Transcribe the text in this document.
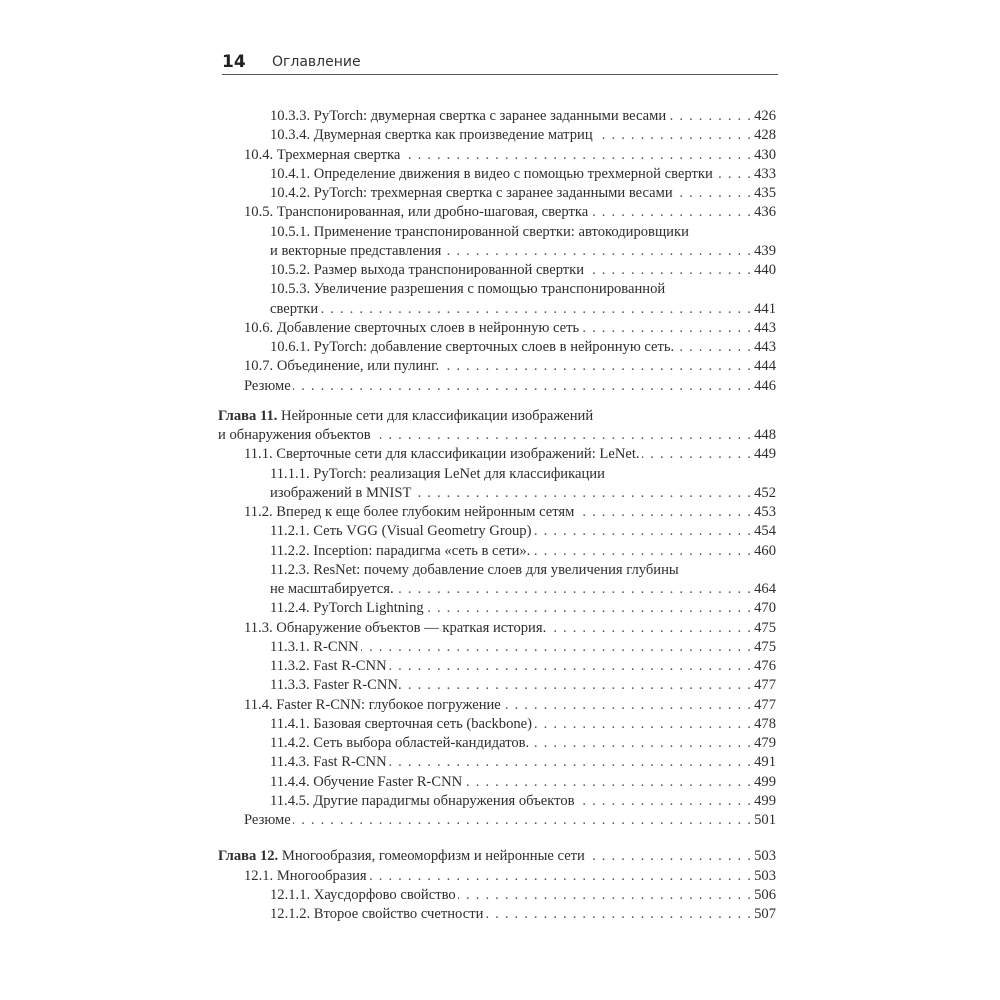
14 Оглавление
10.3.3. PyTorch: двумерная свертка с заранее заданными весами . . .	426
10.3.4. Двумерная свертка как произведение матриц . . .	428
10.4. Трехмерная свертка . . .	430
10.4.1. Определение движения в видео с помощью трехмерной свертки . . .	433
10.4.2. PyTorch: трехмерная свертка с заранее заданными весами . . .	435
10.5. Транспонированная, или дробно-шаговая, свертка . . .	436
10.5.1. Применение транспонированной свертки: автокодировщики
и векторные представления . . .	439
10.5.2. Размер выхода транспонированной свертки . . .	440
10.5.3. Увеличение разрешения с помощью транспонированной
свертки . . .	441
10.6. Добавление сверточных слоев в нейронную сеть . . .	443
10.6.1. PyTorch: добавление сверточных слоев в нейронную сеть. . . .	443
10.7. Объединение, или пулинг. . . .	444
Резюме . . .	446
Глава 11. Нейронные сети для классификации изображений
и обнаружения объектов . . .	448
11.1. Сверточные сети для классификации изображений: LeNet. . . .	449
11.1.1. PyTorch: реализация LeNet для классификации
изображений в MNIST . . .	452
11.2. Вперед к еще более глубоким нейронным сетям . . .	453
11.2.1. Сеть VGG (Visual Geometry Group) . . .	454
11.2.2. Inception: парадигма «сеть в сети». . . .	460
11.2.3. ResNet: почему добавление слоев для увеличения глубины
не масштабируется. . . .	464
11.2.4. PyTorch Lightning . . .	470
11.3. Обнаружение объектов — краткая история. . . .	475
11.3.1. R-CNN . . .	475
11.3.2. Fast R-CNN . . .	476
11.3.3. Faster R-CNN. . . .	477
11.4. Faster R-CNN: глубокое погружение . . .	477
11.4.1. Базовая сверточная сеть (backbone) . . .	478
11.4.2. Сеть выбора областей-кандидатов. . . .	479
11.4.3. Fast R-CNN . . .	491
11.4.4. Обучение Faster R-CNN . . .	499
11.4.5. Другие парадигмы обнаружения объектов . . .	499
Резюме . . .	501
Глава 12. Многообразия, гомеоморфизм и нейронные сети . . .	503
12.1. Многообразия . . .	503
12.1.1. Хаусдорфово свойство . . .	506
12.1.2. Второе свойство счетности . . .	507
